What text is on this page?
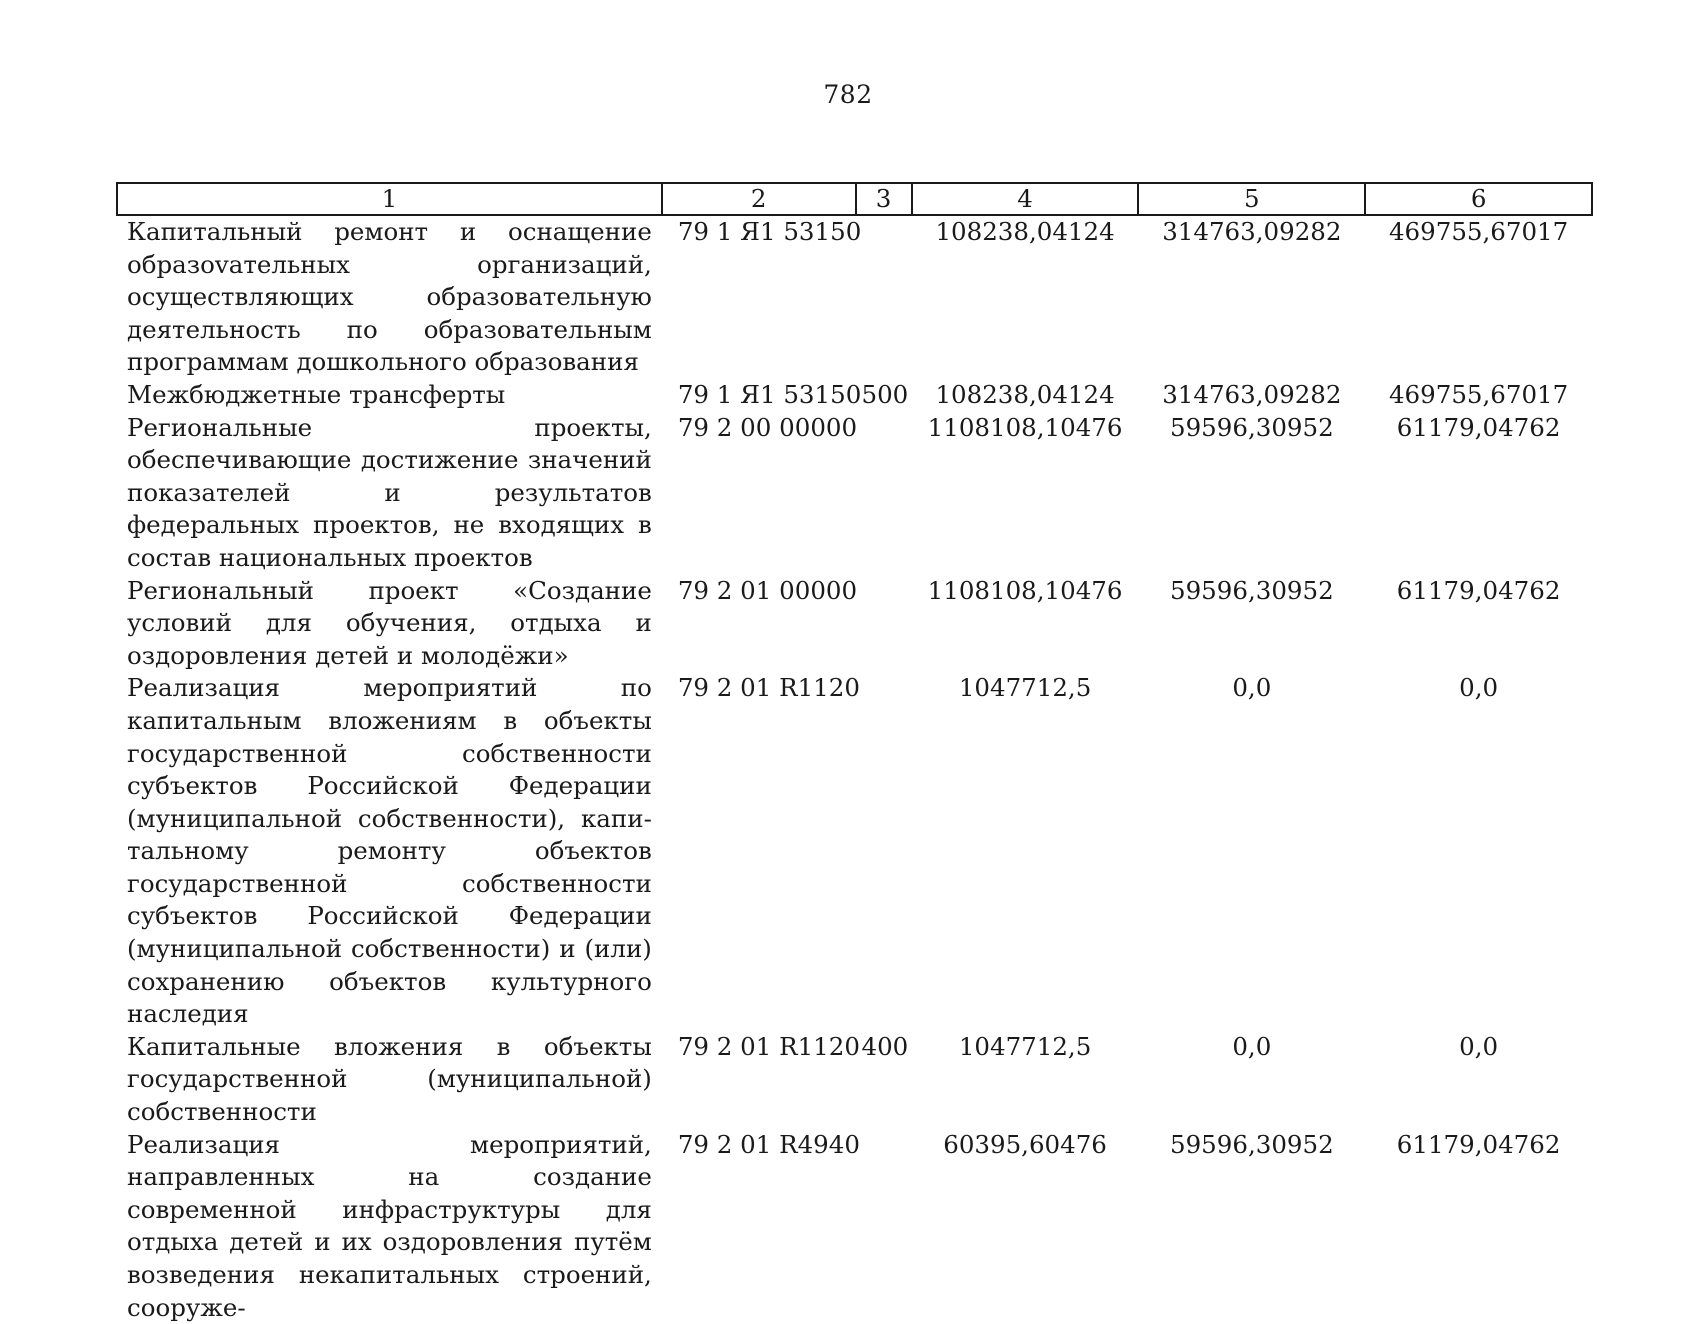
782
1	2	3	4	5	6
Капитальный ремонт и оснащение образоvательных организаций, осуществляющих образовательную деятельность по образовательным программам дошкольного образования	79 1 Я1 53150		108238,04124	314763,09282	469755,67017
Межбюджетные трансферты	79 1 Я1 53150	500	108238,04124	314763,09282	469755,67017
Региональные проекты, обеспечивающие достижение значений показателей и результатов федеральных проектов, не входящих в состав национальных проектов	79 2 00 00000		1108108,10476	59596,30952	61179,04762
Региональный проект «Создание условий для обучения, отдыха и оздоровления детей и молодёжи»	79 2 01 00000		1108108,10476	59596,30952	61179,04762
Реализация мероприятий по капитальным вложениям в объекты государственной собственности субъектов Российской Федерации (муниципальной собственности), капитальному ремонту объектов государственной собственности субъектов Российской Федерации (муниципальной собственности) и (или) сохранению объектов культурного наследия	79 2 01 R1120		1047712,5	0,0	0,0
Капитальные вложения в объекты государственной (муниципальной) собственности	79 2 01 R1120	400	1047712,5	0,0	0,0
Реализация мероприятий, направленных на создание современной инфраструктуры для отдыха детей и их оздоровления путём возведения некапитальных строений, сооруже-	79 2 01 R4940		60395,60476	59596,30952	61179,04762
